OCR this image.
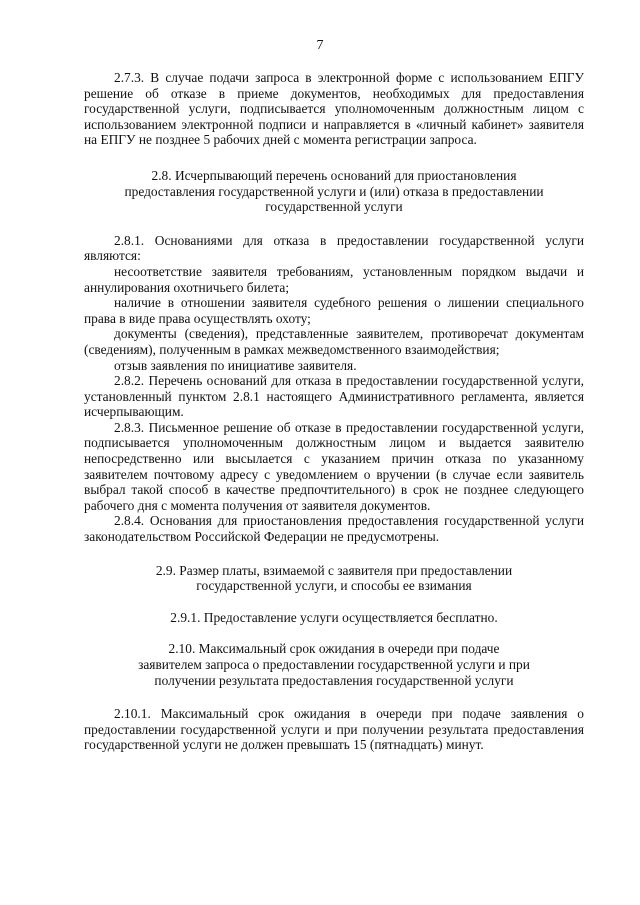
7

2.7.3. В случае подачи запроса в электронной форме с использованием ЕПГУ решение об отказе в приеме документов, необходимых для предоставления государственной услуги, подписывается уполномоченным должностным лицом с использованием электронной подписи и направляется в «личный кабинет» заявителя на ЕПГУ не позднее 5 рабочих дней с момента регистрации запроса.

2.8. Исчерпывающий перечень оснований для приостановления предоставления государственной услуги и (или) отказа в предоставлении государственной услуги

2.8.1. Основаниями для отказа в предоставлении государственной услуги являются:

несоответствие заявителя требованиям, установленным порядком выдачи и аннулирования охотничьего билета;

наличие в отношении заявителя судебного решения о лишении специального права в виде права осуществлять охоту;

документы (сведения), представленные заявителем, противоречат документам (сведениям), полученным в рамках межведомственного взаимодействия;

отзыв заявления по инициативе заявителя.

2.8.2. Перечень оснований для отказа в предоставлении государственной услуги, установленный пунктом 2.8.1 настоящего Административного регламента, является исчерпывающим.

2.8.3. Письменное решение об отказе в предоставлении государственной услуги, подписывается уполномоченным должностным лицом и выдается заявителю непосредственно или высылается с указанием причин отказа по указанному заявителем почтовому адресу с уведомлением о вручении (в случае если заявитель выбрал такой способ в качестве предпочтительного) в срок не позднее следующего рабочего дня с момента получения от заявителя документов.

2.8.4. Основания для приостановления предоставления государственной услуги законодательством Российской Федерации не предусмотрены.

2.9. Размер платы, взимаемой с заявителя при предоставлении государственной услуги, и способы ее взимания

2.9.1. Предоставление услуги осуществляется бесплатно.

2.10. Максимальный срок ожидания в очереди при подаче заявителем запроса о предоставлении государственной услуги и при получении результата предоставления государственной услуги

2.10.1. Максимальный срок ожидания в очереди при подаче заявления о предоставлении государственной услуги и при получении результата предоставления государственной услуги не должен превышать 15 (пятнадцать) минут.
